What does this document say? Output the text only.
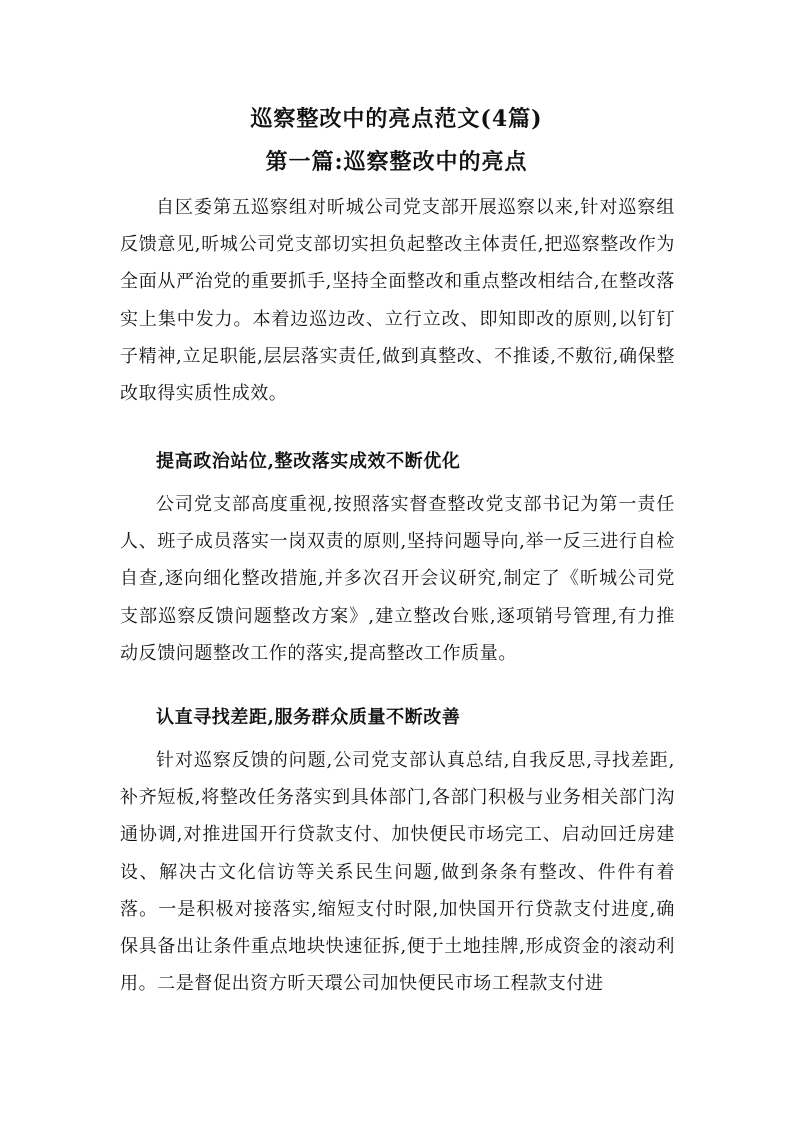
巡察整改中的亮点范文(4篇)
第一篇:巡察整改中的亮点

自区委第五巡察组对昕城公司党支部开展巡察以来,针对巡察组反馈意见,昕城公司党支部切实担负起整改主体责任,把巡察整改作为全面从严治党的重要抓手,坚持全面整改和重点整改相结合,在整改落实上集中发力。本着边巡边改、立行立改、即知即改的原则,以钉钉子精神,立足职能,层层落实责任,做到真整改、不推诿,不敷衍,确保整改取得实质性成效。

提高政治站位,整改落实成效不断优化

公司党支部高度重视,按照落实督查整改党支部书记为第一责任人、班子成员落实一岗双责的原则,坚持问题导向,举一反三进行自检自查,逐向细化整改措施,并多次召开会议研究,制定了《昕城公司党支部巡察反馈问题整改方案》,建立整改台账,逐项销号管理,有力推动反馈问题整改工作的落实,提高整改工作质量。

认直寻找差距,服务群众质量不断改善

针对巡察反馈的问题,公司党支部认真总结,自我反思,寻找差距,补齐短板,将整改任务落实到具体部门,各部门积极与业务相关部门沟通协调,对推进国开行贷款支付、加快便民市场完工、启动回迁房建设、解决古文化信访等关系民生问题,做到条条有整改、件件有着落。一是积极对接落实,缩短支付时限,加快国开行贷款支付进度,确保具备出让条件重点地块快速征拆,便于土地挂牌,形成资金的滚动利用。二是督促出资方昕天環公司加快便民市场工程款支付进
